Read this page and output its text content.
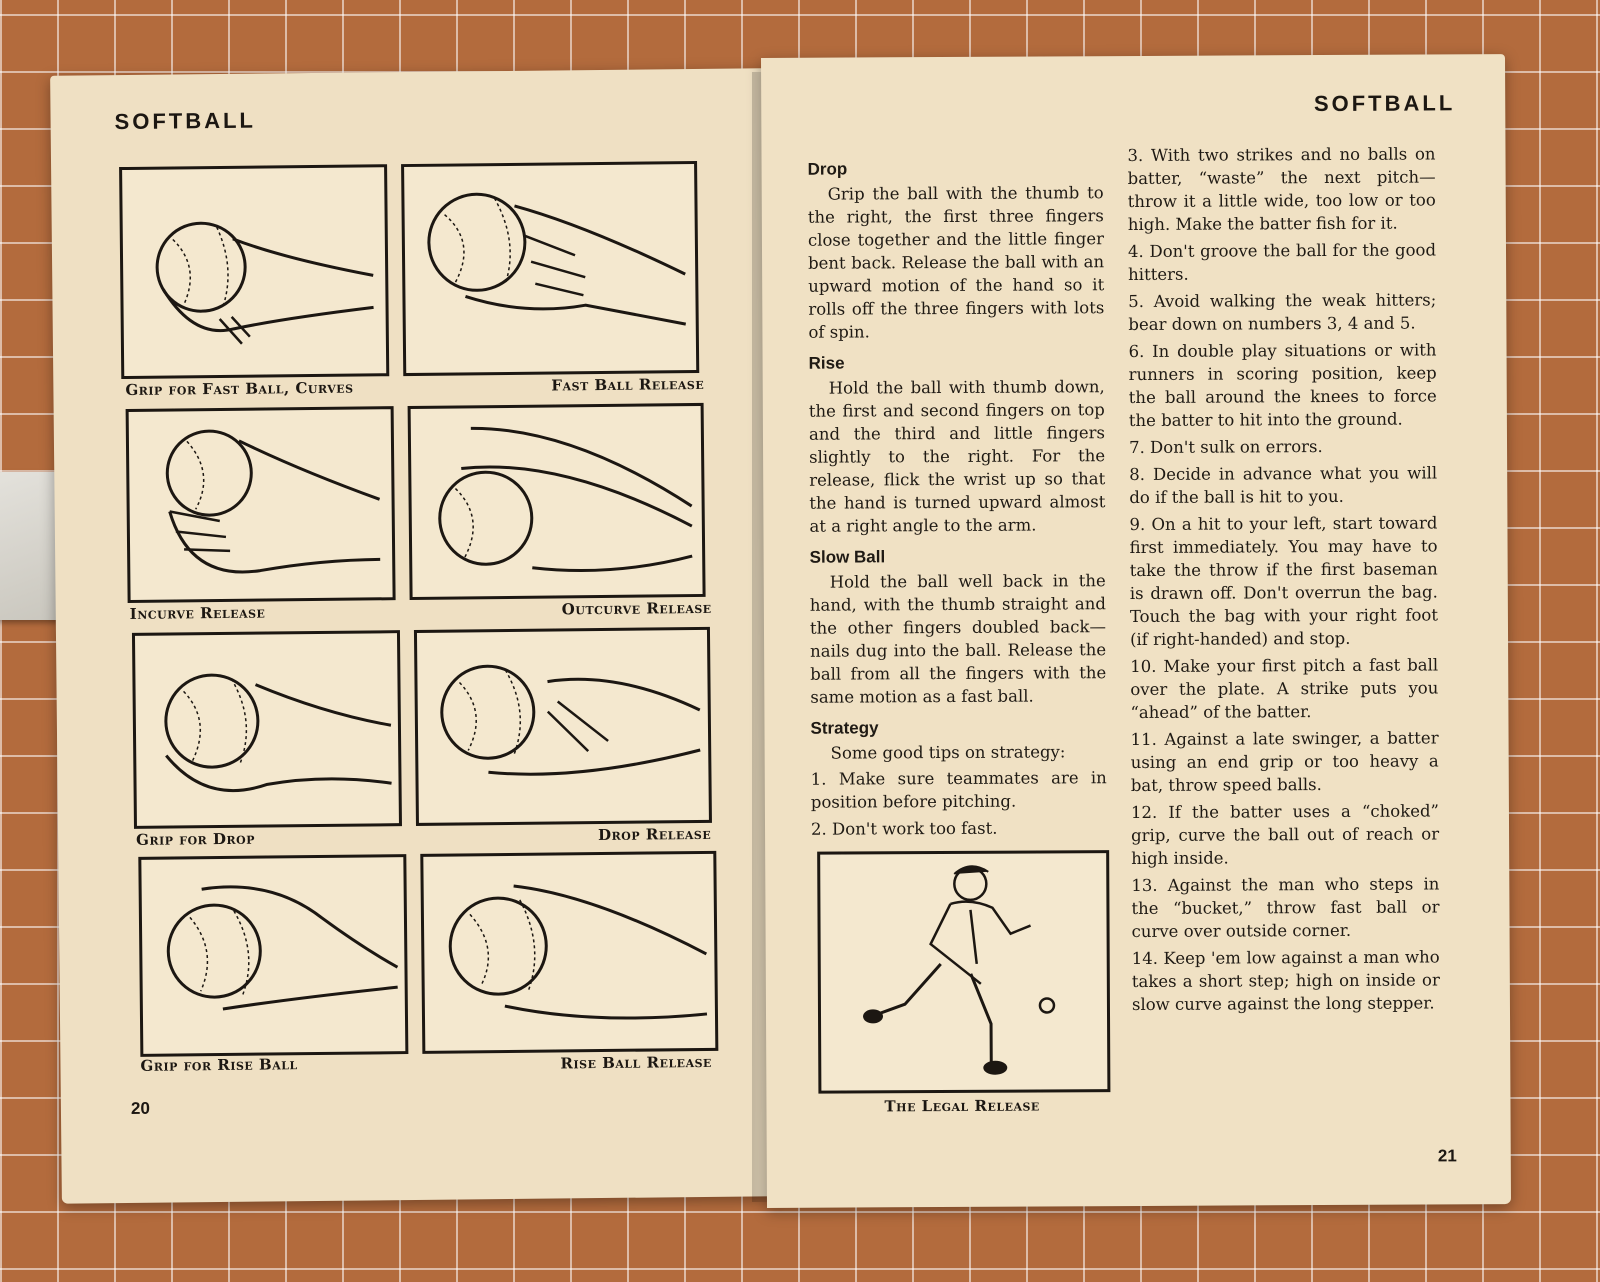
SOFTBALL
Grip for Fast Ball, Curves	Fast Ball Release
Incurve Release	Outcurve Release
Grip for Drop	Drop Release
Grip for Rise Ball	Rise Ball Release
20
SOFTBALL
Drop

Grip the ball with the thumb to the right, the first three fingers close together and the little finger bent back. Release the ball with an upward motion of the hand so it rolls off the three fingers with lots of spin.

Rise

Hold the ball with thumb down, the first and second fingers on top and the third and little fingers slightly to the right. For the release, flick the wrist up so that the hand is turned upward almost at a right angle to the arm.

Slow Ball

Hold the ball well back in the hand, with the thumb straight and the other fingers doubled back—nails dug into the ball. Release the ball from all the fingers with the same motion as a fast ball.

Strategy

Some good tips on strategy:

1. Make sure teammates are in position before pitching.

2. Don't work too fast.

The Legal Release

3. With two strikes and no balls on batter, “waste” the next pitch—throw it a little wide, too low or too high. Make the batter fish for it.

4. Don't groove the ball for the good hitters.

5. Avoid walking the weak hitters; bear down on numbers 3, 4 and 5.

6. In double play situations or with runners in scoring position, keep the ball around the knees to force the batter to hit into the ground.

7. Don't sulk on errors.

8. Decide in advance what you will do if the ball is hit to you.

9. On a hit to your left, start toward first immediately. You may have to take the throw if the first baseman is drawn off. Don't overrun the bag. Touch the bag with your right foot (if right-handed) and stop.

10. Make your first pitch a fast ball over the plate. A strike puts you “ahead” of the batter.

11. Against a late swinger, a batter using an end grip or too heavy a bat, throw speed balls.

12. If the batter uses a “choked” grip, curve the ball out of reach or high inside.

13. Against the man who steps in the “bucket,” throw fast ball or curve over outside corner.

14. Keep 'em low against a man who takes a short step; high on inside or slow curve against the long stepper.

21
